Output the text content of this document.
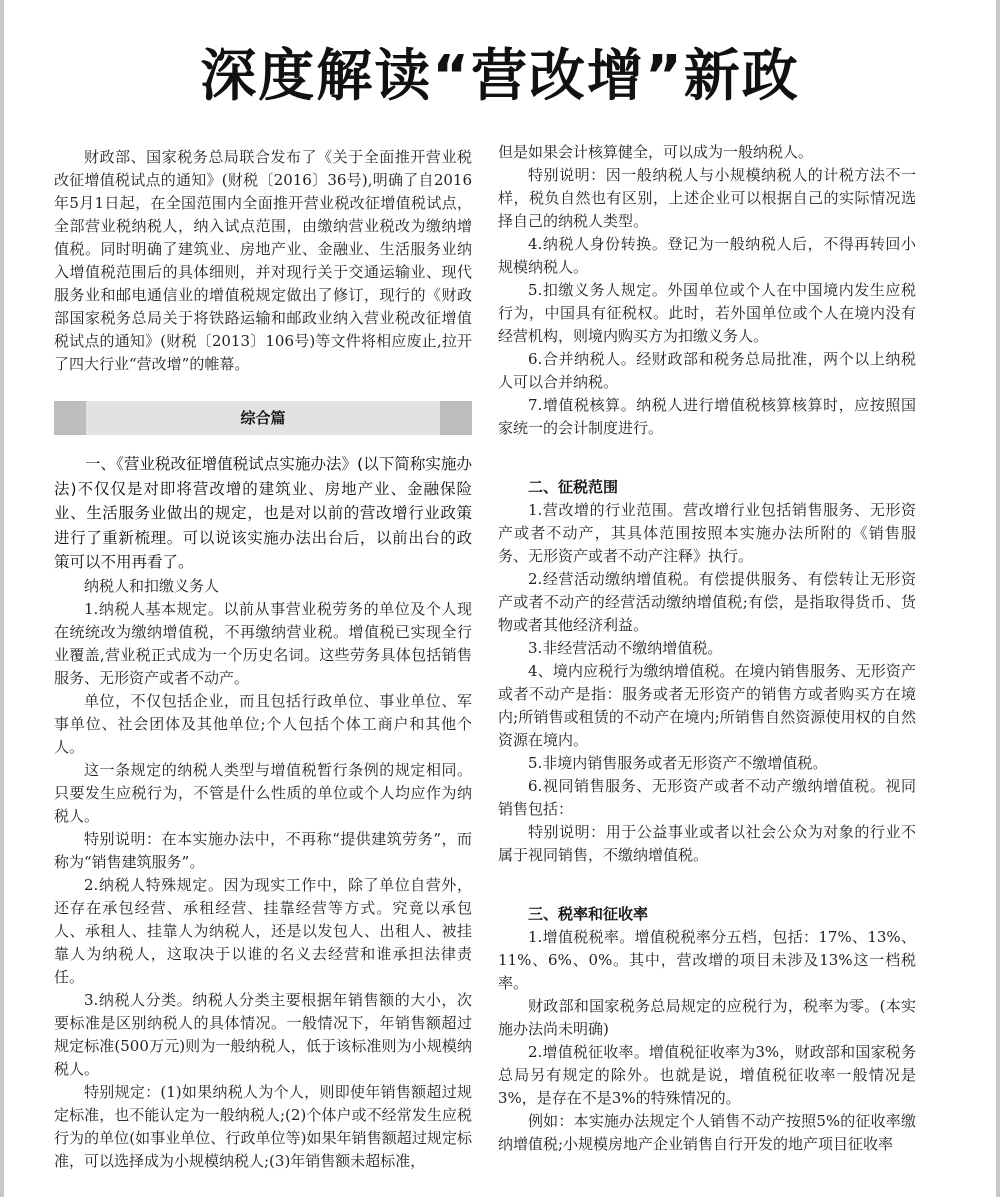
深度解读“营改增”新政

财政部、国家税务总局联合发布了《关于全面推开营业税改征增值税试点的通知》(财税〔2016〕36号),明确了自2016年5月1日起，在全国范围内全面推开营业税改征增值税试点，全部营业税纳税人，纳入试点范围，由缴纳营业税改为缴纳增值税。同时明确了建筑业、房地产业、金融业、生活服务业纳入增值税范围后的具体细则，并对现行关于交通运输业、现代服务业和邮电通信业的增值税规定做出了修订，现行的《财政部国家税务总局关于将铁路运输和邮政业纳入营业税改征增值税试点的通知》(财税〔2013〕106号)等文件将相应废止,拉开了四大行业“营改增”的帷幕。

综合篇

一、《营业税改征增值税试点实施办法》(以下简称实施办法)不仅仅是对即将营改增的建筑业、房地产业、金融保险业、生活服务业做出的规定，也是对以前的营改增行业政策进行了重新梳理。可以说该实施办法出台后，以前出台的政策可以不用再看了。

纳税人和扣缴义务人

1.纳税人基本规定。以前从事营业税劳务的单位及个人现在统统改为缴纳增值税，不再缴纳营业税。增值税已实现全行业覆盖,营业税正式成为一个历史名词。这些劳务具体包括销售服务、无形资产或者不动产。

单位，不仅包括企业，而且包括行政单位、事业单位、军事单位、社会团体及其他单位;个人包括个体工商户和其他个人。

这一条规定的纳税人类型与增值税暂行条例的规定相同。只要发生应税行为，不管是什么性质的单位或个人均应作为纳税人。

特别说明：在本实施办法中，不再称“提供建筑劳务”，而称为“销售建筑服务”。

2.纳税人特殊规定。因为现实工作中，除了单位自营外，还存在承包经营、承租经营、挂靠经营等方式。究竟以承包人、承租人、挂靠人为纳税人，还是以发包人、出租人、被挂靠人为纳税人，这取决于以谁的名义去经营和谁承担法律责任。

3.纳税人分类。纳税人分类主要根据年销售额的大小，次要标准是区别纳税人的具体情况。一般情况下，年销售额超过规定标准(500万元)则为一般纳税人，低于该标准则为小规模纳税人。

特别规定：(1)如果纳税人为个人，则即使年销售额超过规定标准，也不能认定为一般纳税人;(2)个体户或不经常发生应税行为的单位(如事业单位、行政单位等)如果年销售额超过规定标准，可以选择成为小规模纳税人;(3)年销售额未超标准，

但是如果会计核算健全，可以成为一般纳税人。

特别说明：因一般纳税人与小规模纳税人的计税方法不一样，税负自然也有区别，上述企业可以根据自己的实际情况选择自己的纳税人类型。

4.纳税人身份转换。登记为一般纳税人后，不得再转回小规模纳税人。

5.扣缴义务人规定。外国单位或个人在中国境内发生应税行为，中国具有征税权。此时，若外国单位或个人在境内没有经营机构，则境内购买方为扣缴义务人。

6.合并纳税人。经财政部和税务总局批准，两个以上纳税人可以合并纳税。

7.增值税核算。纳税人进行增值税核算核算时，应按照国家统一的会计制度进行。

二、征税范围

1.营改增的行业范围。营改增行业包括销售服务、无形资产或者不动产，其具体范围按照本实施办法所附的《销售服务、无形资产或者不动产注释》执行。

2.经营活动缴纳增值税。有偿提供服务、有偿转让无形资产或者不动产的经营活动缴纳增值税;有偿，是指取得货币、货物或者其他经济利益。

3.非经营活动不缴纳增值税。

4、境内应税行为缴纳增值税。在境内销售服务、无形资产或者不动产是指：服务或者无形资产的销售方或者购买方在境内;所销售或租赁的不动产在境内;所销售自然资源使用权的自然资源在境内。

5.非境内销售服务或者无形资产不缴增值税。

6.视同销售服务、无形资产或者不动产缴纳增值税。视同销售包括：

特别说明：用于公益事业或者以社会公众为对象的行业不属于视同销售，不缴纳增值税。

三、税率和征收率

1.增值税税率。增值税税率分五档，包括：17%、13%、11%、6%、0%。其中，营改增的项目未涉及13%这一档税率。

财政部和国家税务总局规定的应税行为，税率为零。(本实施办法尚未明确)

2.增值税征收率。增值税征收率为3%，财政部和国家税务总局另有规定的除外。也就是说，增值税征收率一般情况是3%，是存在不是3%的特殊情况的。

例如：本实施办法规定个人销售不动产按照5%的征收率缴纳增值税;小规模房地产企业销售自行开发的地产项目征收率
